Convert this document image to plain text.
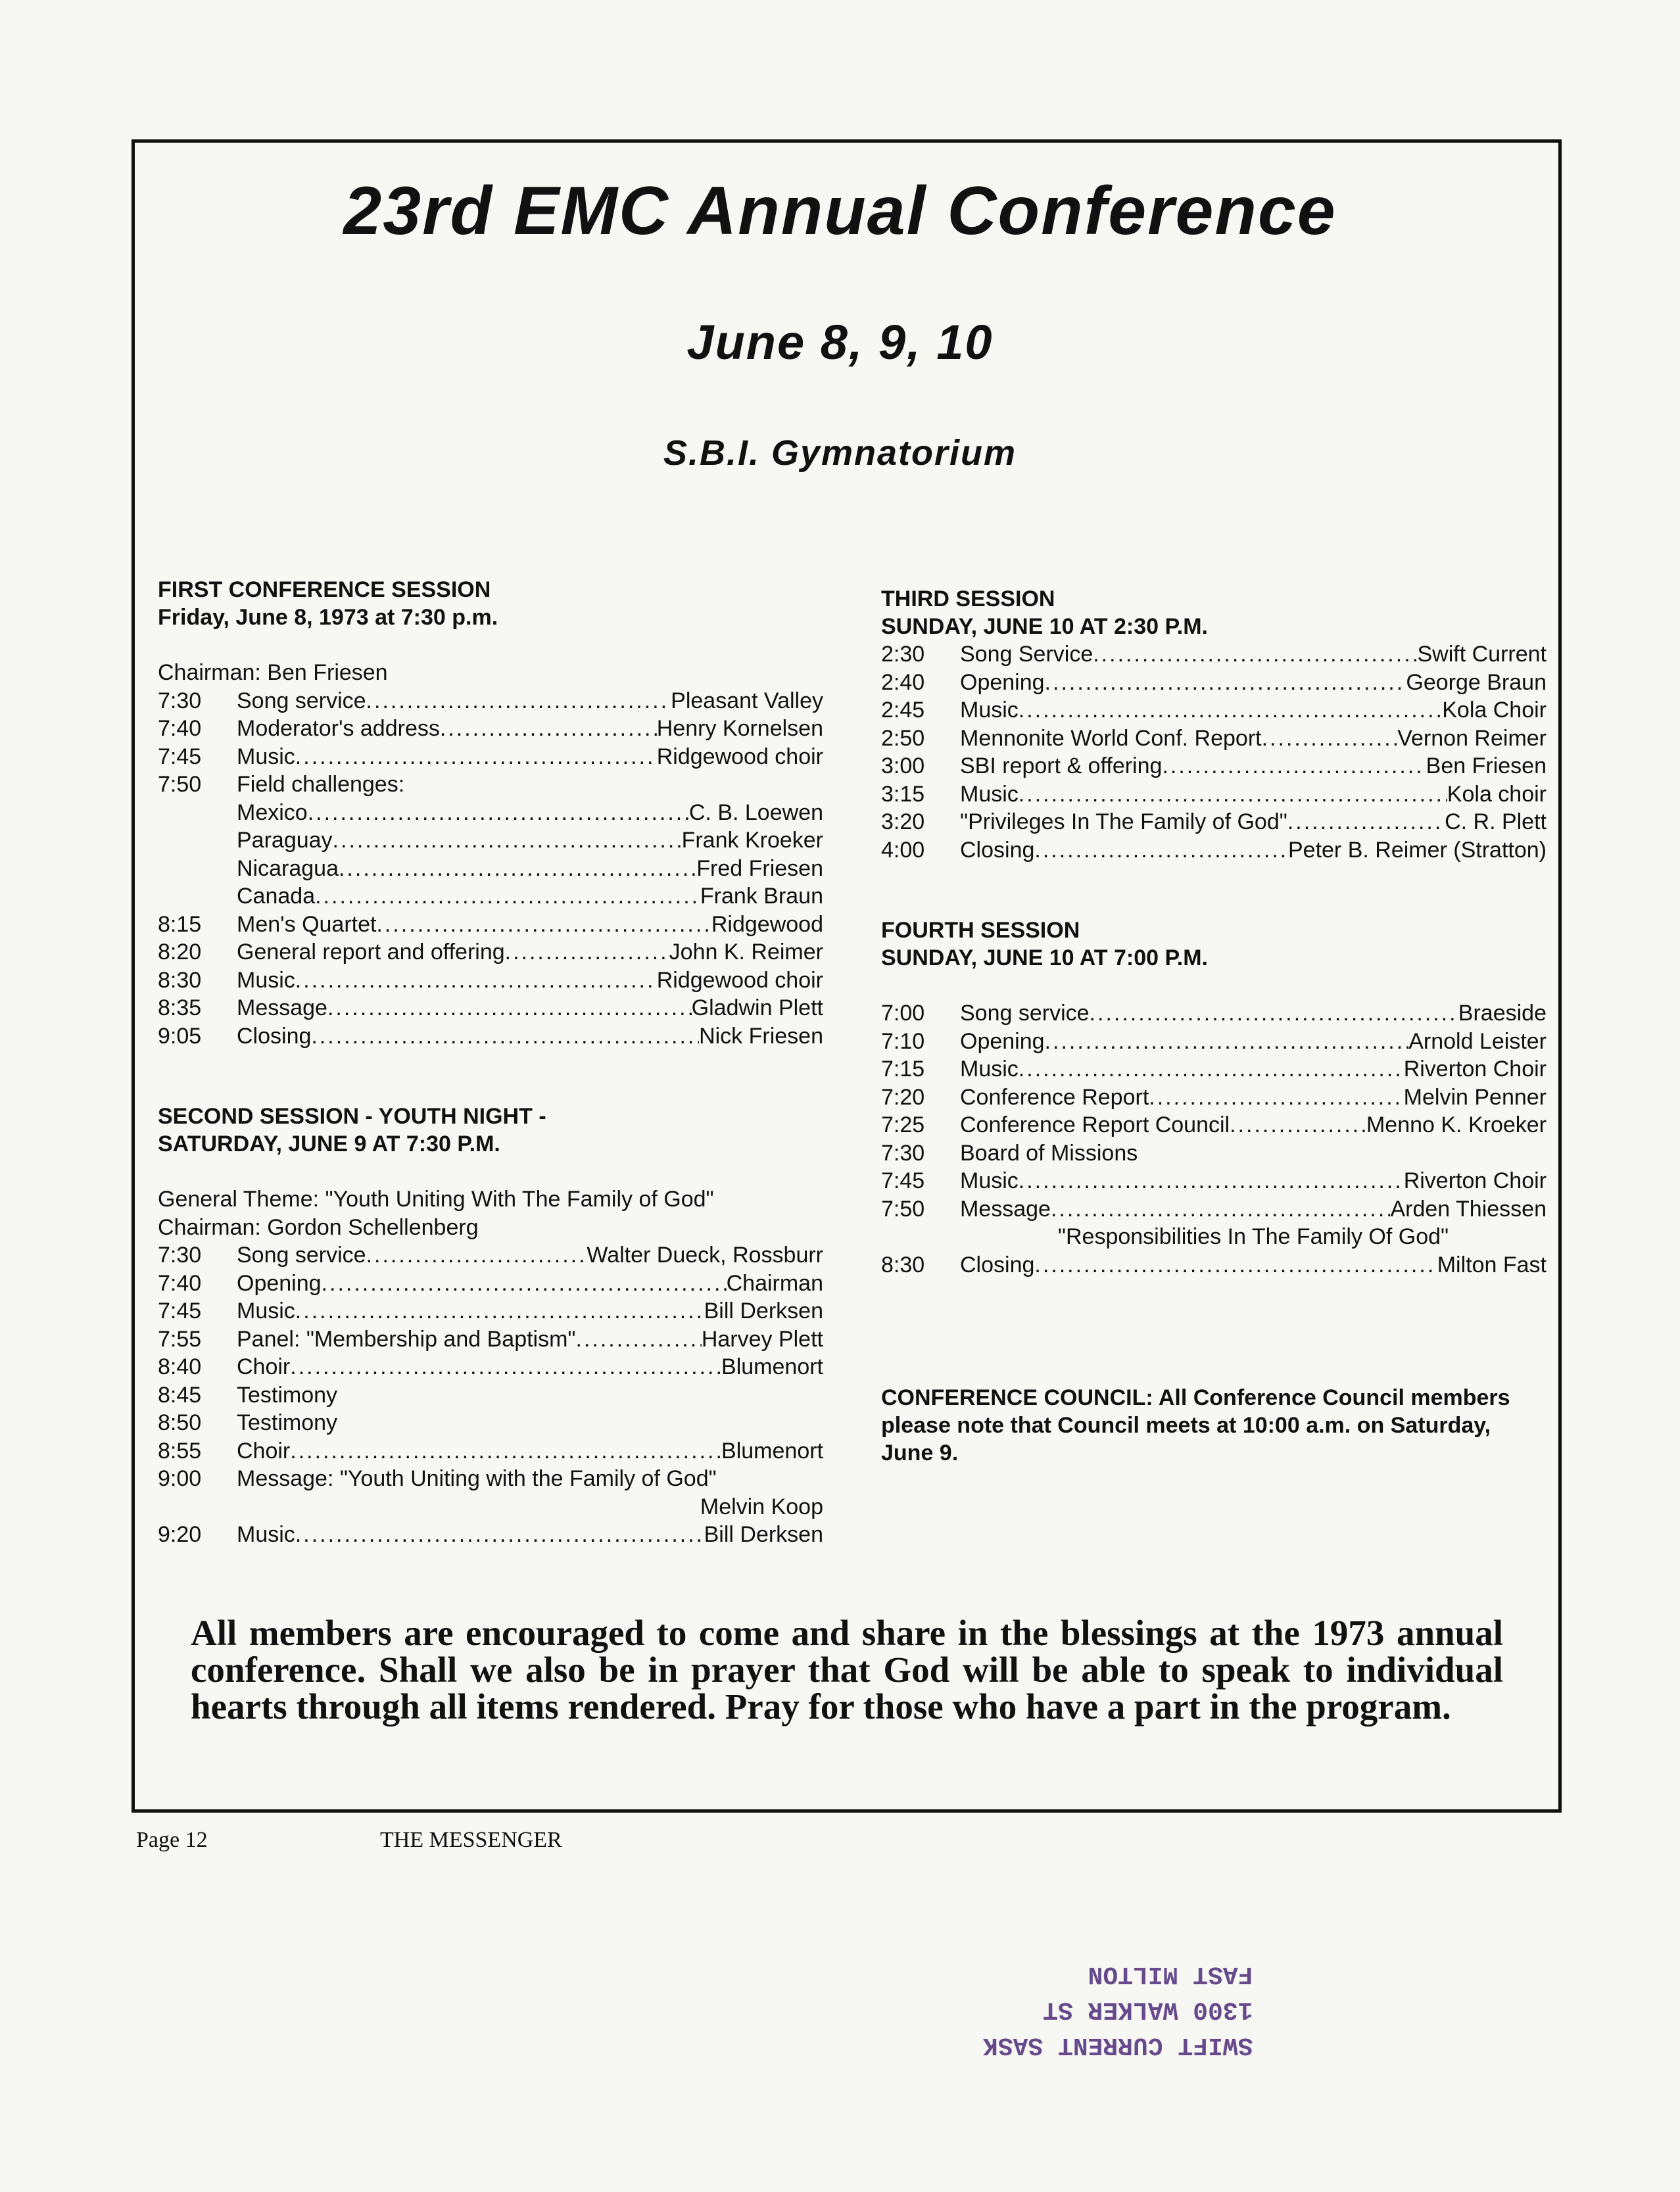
23rd EMC Annual Conference
June 8, 9, 10
S.B.I. Gymnatorium
FIRST CONFERENCE SESSION
Friday, June 8, 1973 at 7:30 p.m.
Chairman: Ben Friesen
7:30	Song service .....	Pleasant Valley
7:40	Moderator's address .....	Henry Kornelsen
7:45	Music .....	Ridgewood choir
7:50	Field challenges:
Mexico .....	C. B. Loewen
Paraguay .....	Frank Kroeker
Nicaragua .....	Fred Friesen
Canada .....	Frank Braun
8:15	Men's Quartet .....	Ridgewood
8:20	General report and offering .....	John K. Reimer
8:30	Music .....	Ridgewood choir
8:35	Message .....	Gladwin Plett
9:05	Closing .....	Nick Friesen
SECOND SESSION - YOUTH NIGHT -
SATURDAY, JUNE 9 AT 7:30 P.M.
General Theme: "Youth Uniting With The Family of God"
Chairman: Gordon Schellenberg
7:30	Song service .....	Walter Dueck, Rossburr
7:40	Opening .....	Chairman
7:45	Music .....	Bill Derksen
7:55	Panel: "Membership and Baptism" .....	Harvey Plett
8:40	Choir .....	Blumenort
8:45	Testimony
8:50	Testimony
8:55	Choir .....	Blumenort
9:00	Message: "Youth Uniting with the Family of God"
Melvin Koop
9:20	Music .....	Bill Derksen
THIRD SESSION
SUNDAY, JUNE 10 AT 2:30 P.M.
2:30	Song Service .....	Swift Current
2:40	Opening .....	George Braun
2:45	Music .....	Kola Choir
2:50	Mennonite World Conf. Report .....	Vernon Reimer
3:00	SBI report & offering .....	Ben Friesen
3:15	Music .....	Kola choir
3:20	"Privileges In The Family of God" .....	C. R. Plett
4:00	Closing .....	Peter B. Reimer (Stratton)
FOURTH SESSION
SUNDAY, JUNE 10 AT 7:00 P.M.
7:00	Song service .....	Braeside
7:10	Opening .....	Arnold Leister
7:15	Music .....	Riverton Choir
7:20	Conference Report .....	Melvin Penner
7:25	Conference Report Council .....	Menno K. Kroeker
7:30	Board of Missions
7:45	Music .....	Riverton Choir
7:50	Message .....	Arden Thiessen
"Responsibilities In The Family Of God"
8:30	Closing .....	Milton Fast
CONFERENCE COUNCIL: All Conference Council members please note that Council meets at 10:00 a.m. on Saturday, June 9.
All members are encouraged to come and share in the blessings at the 1973 annual conference. Shall we also be in prayer that God will be able to speak to individual hearts through all items rendered. Pray for those who have a part in the program.
Page 12	THE MESSENGER
SWIFT CURRENT SASK
1300 WALKER ST
FAST MILTON
